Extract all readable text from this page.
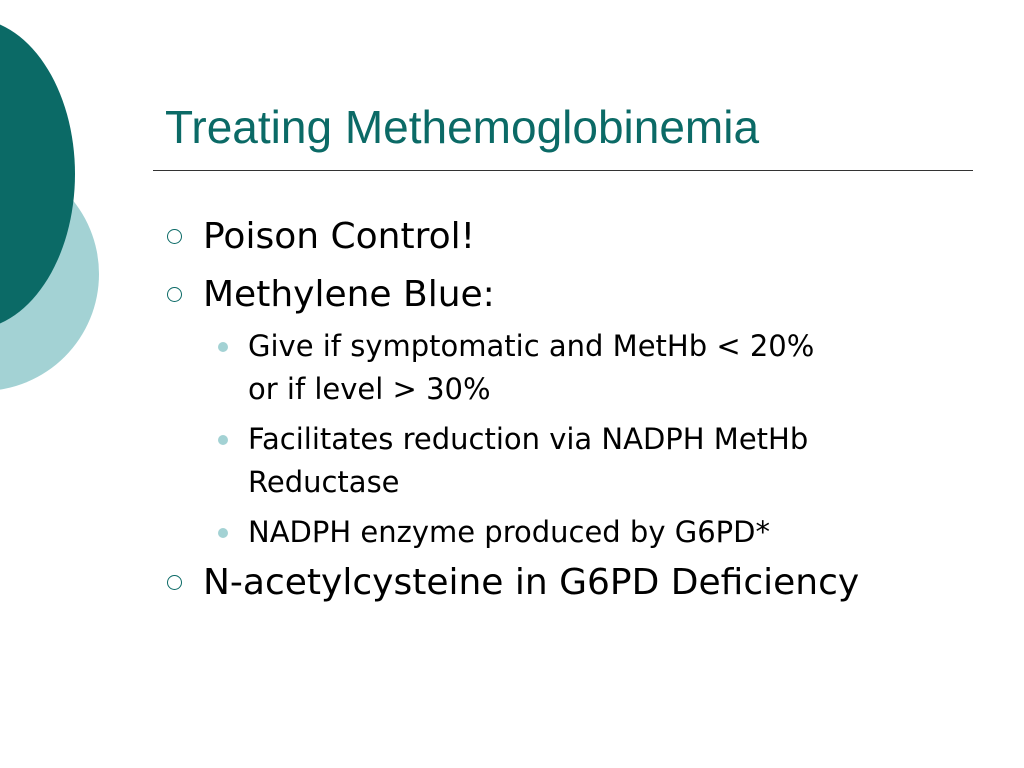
Treating Methemoglobinemia
Poison Control!
Methylene Blue:
Give if symptomatic and MetHb < 20%
or if level > 30%
Facilitates reduction via NADPH MetHb
Reductase
NADPH enzyme produced by G6PD*
N-acetylcysteine in G6PD Deficiency
